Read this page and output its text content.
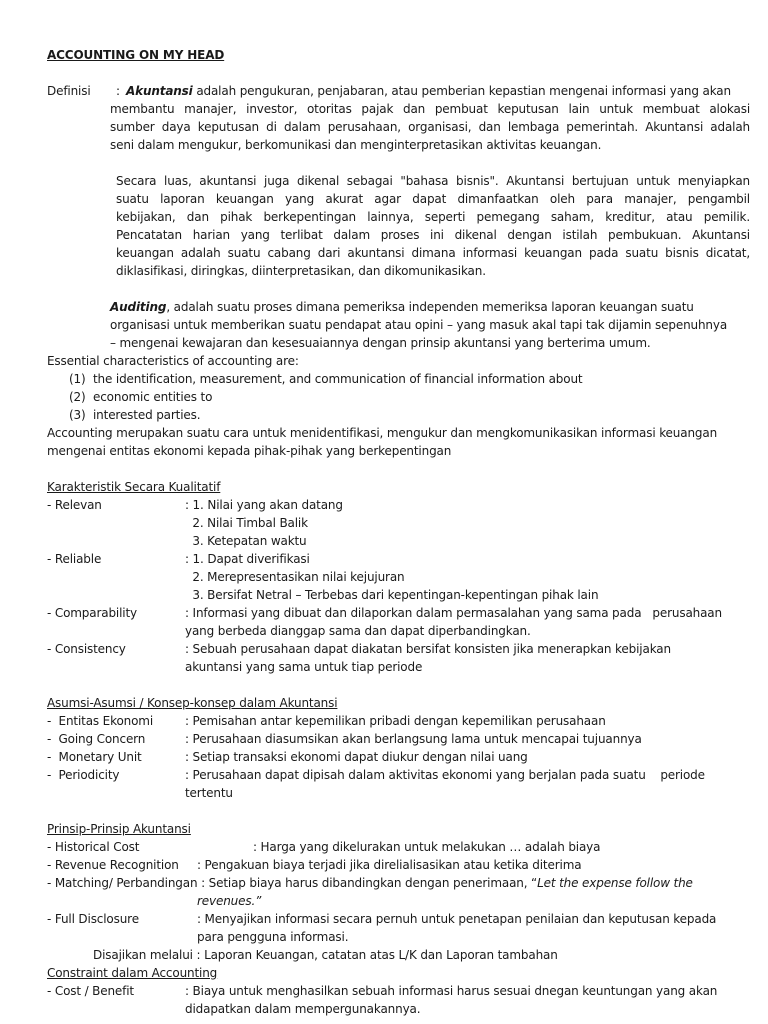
ACCOUNTING ON MY HEAD
Definisi : Akuntansi adalah pengukuran, penjabaran, atau pemberian kepastian mengenai informasi yang akan
membantu manajer, investor, otoritas pajak dan pembuat keputusan lain untuk membuat alokasi
sumber daya keputusan di dalam perusahaan, organisasi, dan lembaga pemerintah. Akuntansi adalah
seni dalam mengukur, berkomunikasi dan menginterpretasikan aktivitas keuangan.
Secara luas, akuntansi juga dikenal sebagai "bahasa bisnis". Akuntansi bertujuan untuk menyiapkan
suatu laporan keuangan yang akurat agar dapat dimanfaatkan oleh para manajer, pengambil
kebijakan, dan pihak berkepentingan lainnya, seperti pemegang saham, kreditur, atau pemilik.
Pencatatan harian yang terlibat dalam proses ini dikenal dengan istilah pembukuan. Akuntansi
keuangan adalah suatu cabang dari akuntansi dimana informasi keuangan pada suatu bisnis dicatat,
diklasifikasi, diringkas, diinterpretasikan, dan dikomunikasikan.
Auditing, adalah suatu proses dimana pemeriksa independen memeriksa laporan keuangan suatu
organisasi untuk memberikan suatu pendapat atau opini – yang masuk akal tapi tak dijamin sepenuhnya
– mengenai kewajaran dan kesesuaiannya dengan prinsip akuntansi yang berterima umum.
Essential characteristics of accounting are:
(1) the identification, measurement, and communication of financial information about
(2) economic entities to
(3) interested parties.
Accounting merupakan suatu cara untuk menidentifikasi, mengukur dan mengkomunikasikan informasi keuangan
mengenai entitas ekonomi kepada pihak-pihak yang berkepentingan
Karakteristik Secara Kualitatif
- Relevan	: 1. Nilai yang akan datang
2. Nilai Timbal Balik
3. Ketepatan waktu
- Reliable	: 1. Dapat diverifikasi
2. Merepresentasikan nilai kejujuran
3. Bersifat Netral – Terbebas dari kepentingan-kepentingan pihak lain
- Comparability	: Informasi yang dibuat dan dilaporkan dalam permasalahan yang sama pada   perusahaan
yang berbeda dianggap sama dan dapat diperbandingkan.
- Consistency	: Sebuah perusahaan dapat diakatan bersifat konsisten jika menerapkan kebijakan
akuntansi yang sama untuk tiap periode
Asumsi-Asumsi / Konsep-konsep dalam Akuntansi
-  Entitas Ekonomi	: Pemisahan antar kepemilikan pribadi dengan kepemilikan perusahaan
-  Going Concern	: Perusahaan diasumsikan akan berlangsung lama untuk mencapai tujuannya
-  Monetary Unit	: Setiap transaksi ekonomi dapat diukur dengan nilai uang
-  Periodicity	: Perusahaan dapat dipisah dalam aktivitas ekonomi yang berjalan pada suatu    periode
tertentu
Prinsip-Prinsip Akuntansi
- Historical Cost	: Harga yang dikelurakan untuk melakukan … adalah biaya
- Revenue Recognition : Pengakuan biaya terjadi jika direlialisasikan atau ketika diterima
- Matching/ Perbandingan : Setiap biaya harus dibandingkan dengan penerimaan, “Let the expense follow the
revenues.”
- Full Disclosure	: Menyajikan informasi secara pernuh untuk penetapan penilaian dan keputusan kepada
para pengguna informasi.
Disajikan melalui : Laporan Keuangan, catatan atas L/K dan Laporan tambahan
Constraint dalam Accounting
- Cost / Benefit	: Biaya untuk menghasilkan sebuah informasi harus sesuai dnegan keuntungan yang akan
didapatkan dalam mempergunakannya.
